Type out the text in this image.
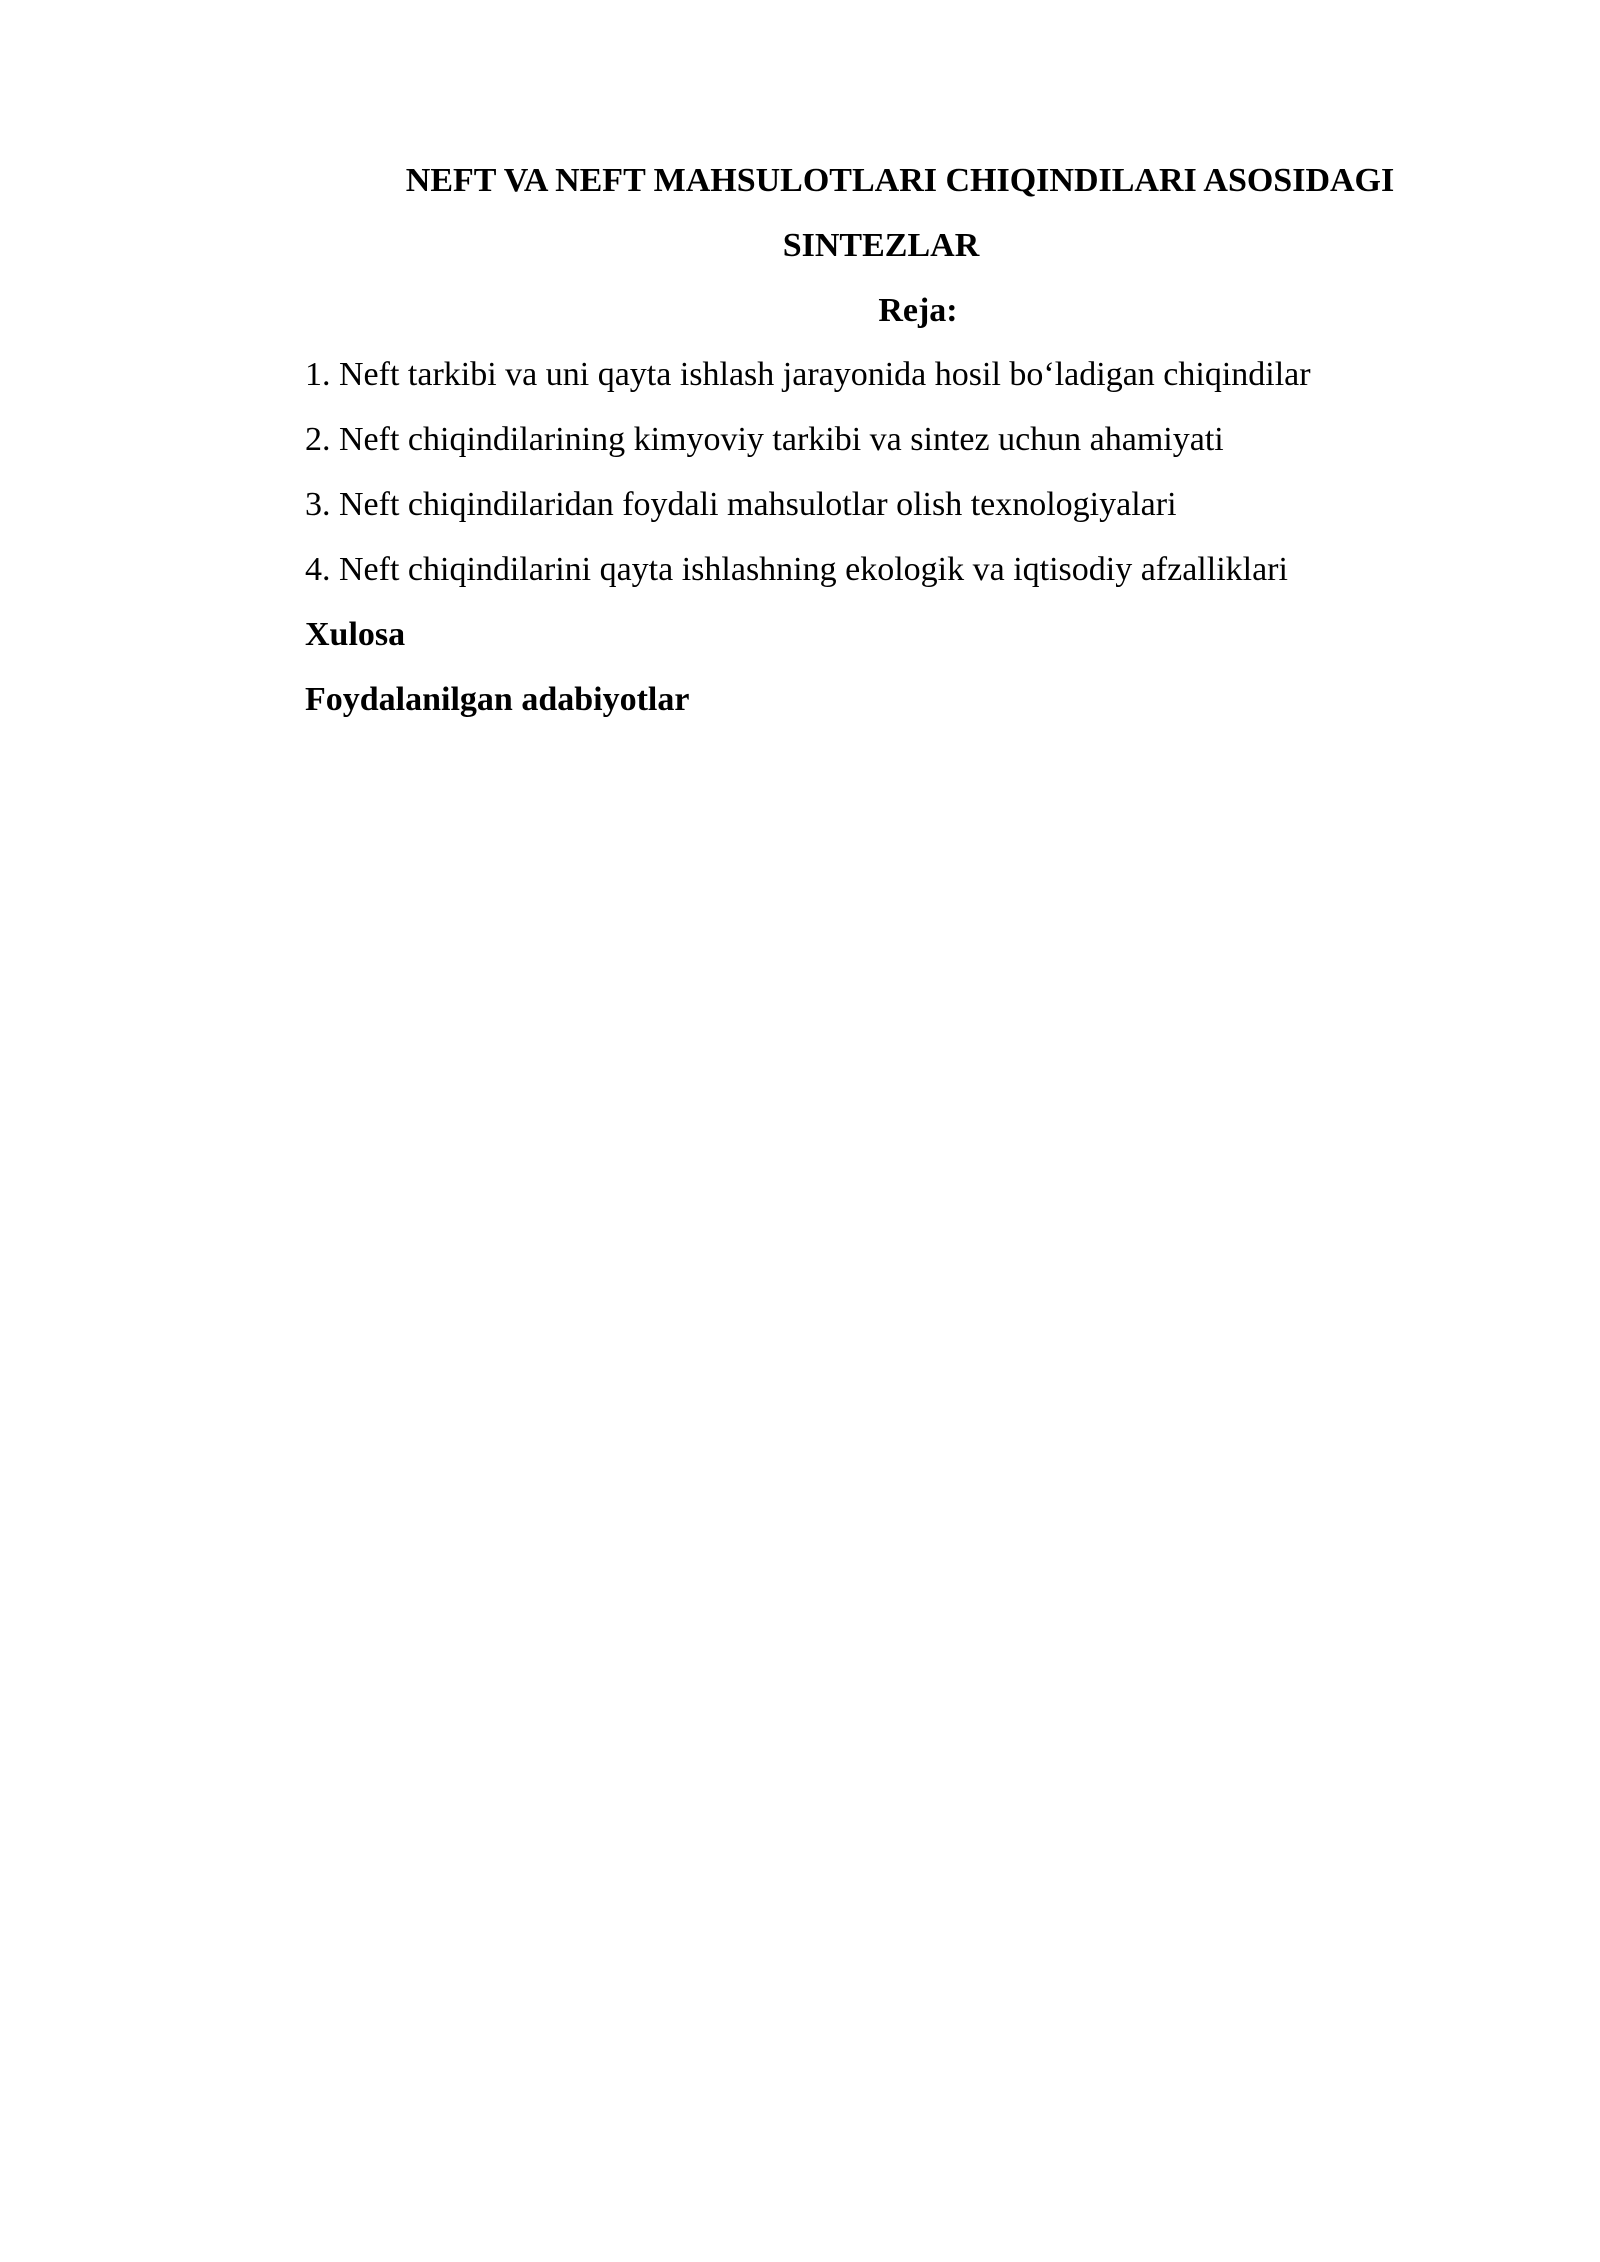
NEFT VA NEFT MAHSULOTLARI CHIQINDILARI ASOSIDAGI
SINTEZLAR
Reja:
1. Neft tarkibi va uni qayta ishlash jarayonida hosil bo‘ladigan chiqindilar
2. Neft chiqindilarining kimyoviy tarkibi va sintez uchun ahamiyati
3. Neft chiqindilaridan foydali mahsulotlar olish texnologiyalari
4. Neft chiqindilarini qayta ishlashning ekologik va iqtisodiy afzalliklari
Xulosa
Foydalanilgan adabiyotlar
